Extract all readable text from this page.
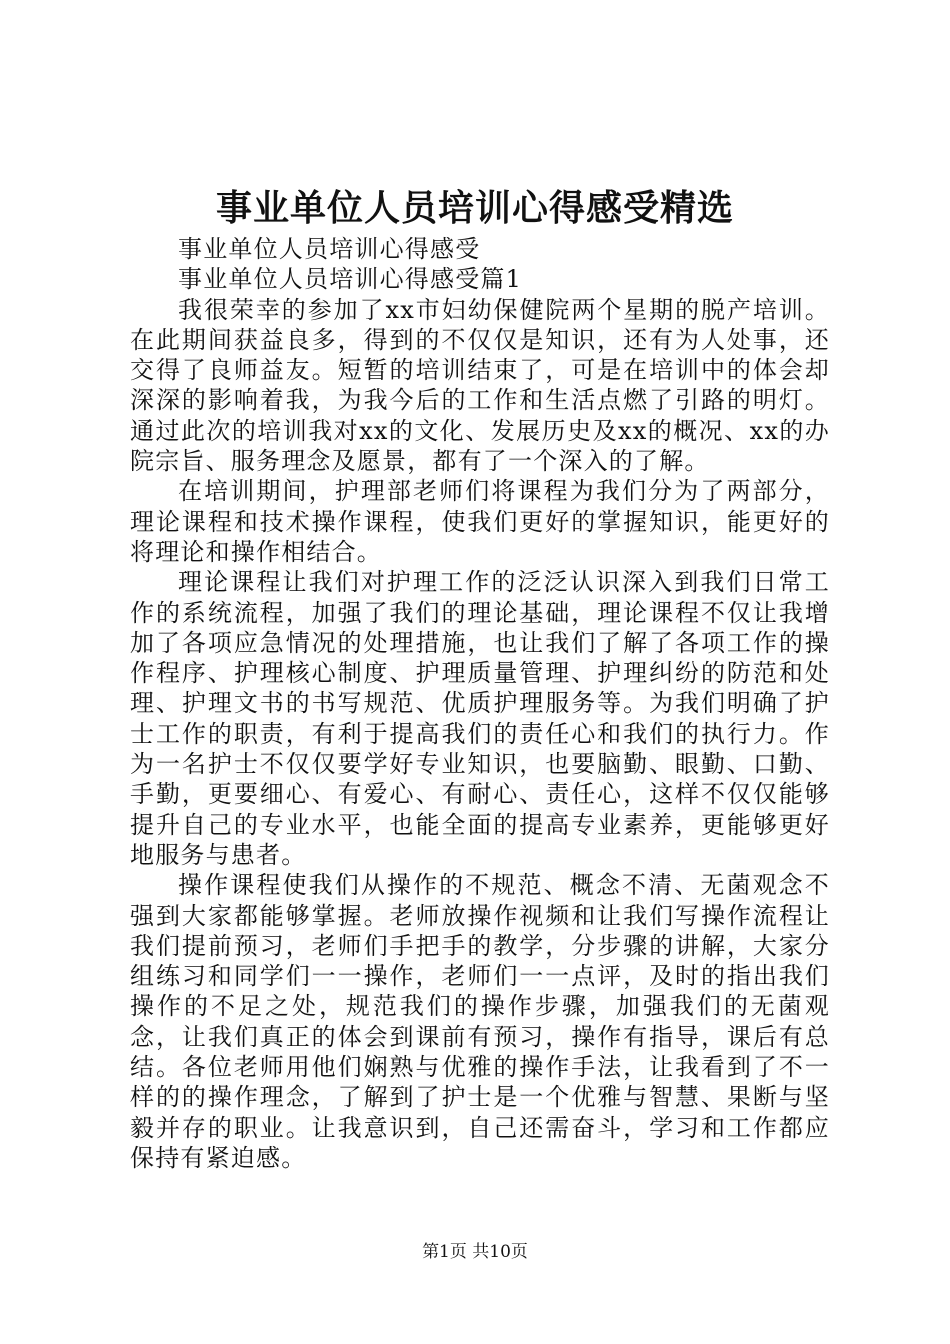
事业单位人员培训心得感受精选

事业单位人员培训心得感受

事业单位人员培训心得感受篇1

我很荣幸的参加了xx市妇幼保健院两个星期的脱产培训。在此期间获益良多，得到的不仅仅是知识，还有为人处事，还交得了良师益友。短暂的培训结束了，可是在培训中的体会却深深的影响着我，为我今后的工作和生活点燃了引路的明灯。通过此次的培训我对xx的文化、发展历史及xx的概况、xx的办院宗旨、服务理念及愿景，都有了一个深入的了解。

在培训期间，护理部老师们将课程为我们分为了两部分，理论课程和技术操作课程，使我们更好的掌握知识，能更好的将理论和操作相结合。

理论课程让我们对护理工作的泛泛认识深入到我们日常工作的系统流程，加强了我们的理论基础，理论课程不仅让我增加了各项应急情况的处理措施，也让我们了解了各项工作的操作程序、护理核心制度、护理质量管理、护理纠纷的防范和处理、护理文书的书写规范、优质护理服务等。为我们明确了护士工作的职责，有利于提高我们的责任心和我们的执行力。作为一名护士不仅仅要学好专业知识，也要脑勤、眼勤、口勤、手勤，更要细心、有爱心、有耐心、责任心，这样不仅仅能够提升自己的专业水平，也能全面的提高专业素养，更能够更好地服务与患者。

操作课程使我们从操作的不规范、概念不清、无菌观念不强到大家都能够掌握。老师放操作视频和让我们写操作流程让我们提前预习，老师们手把手的教学，分步骤的讲解，大家分组练习和同学们一一操作，老师们一一点评，及时的指出我们操作的不足之处，规范我们的操作步骤，加强我们的无菌观念，让我们真正的体会到课前有预习，操作有指导，课后有总结。各位老师用他们娴熟与优雅的操作手法，让我看到了不一样的的操作理念，了解到了护士是一个优雅与智慧、果断与坚毅并存的职业。让我意识到，自己还需奋斗，学习和工作都应保持有紧迫感。

第1页 共10页
